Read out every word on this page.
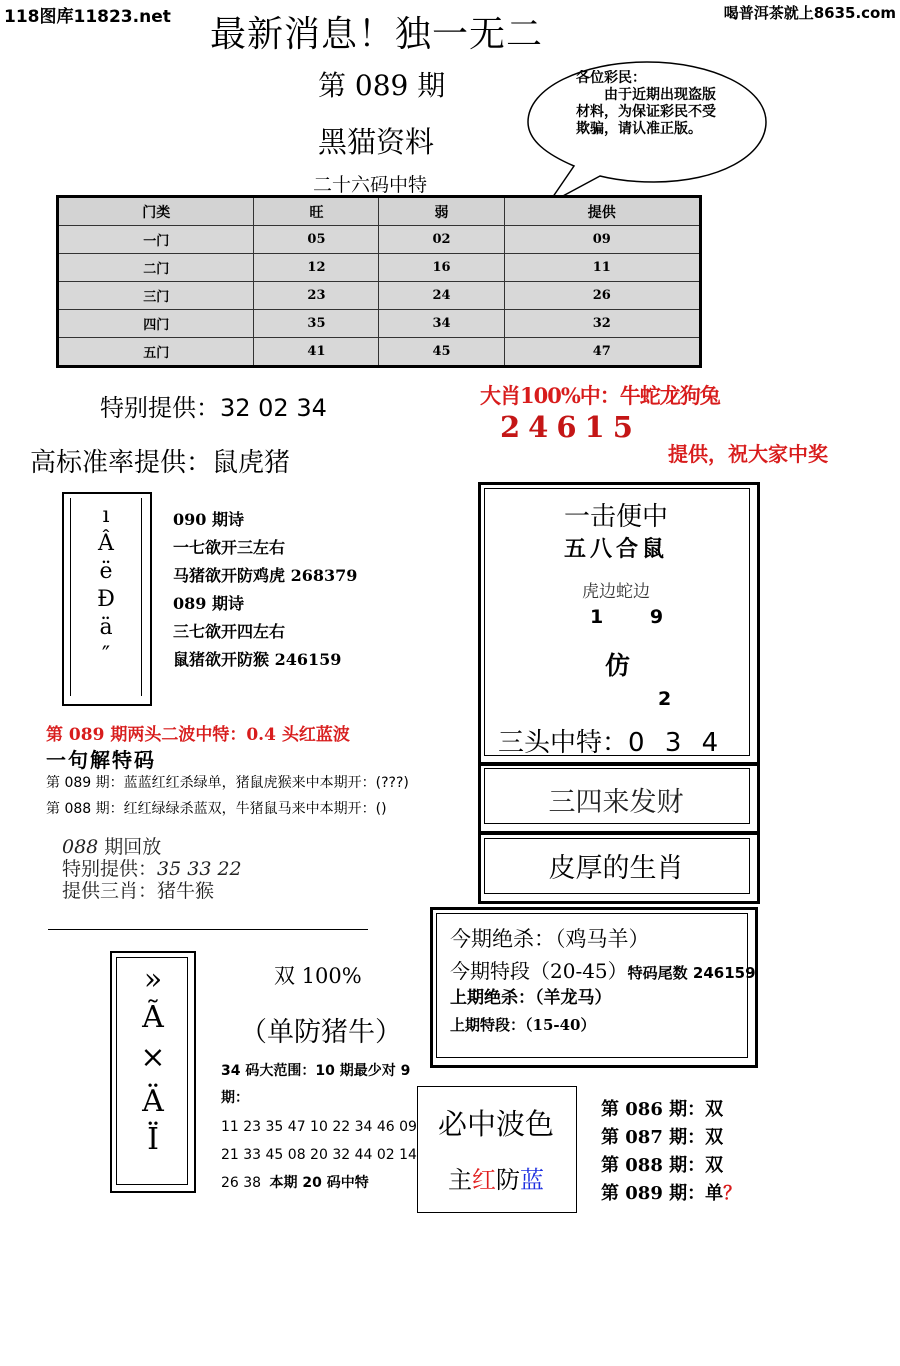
118图库11823.net	喝普洱茶就上8635.com
最新消息！独一无二
第 089 期
黑猫资料
二十六码中特

各位彩民：

由于近期出现盗版材料，为保证彩民不受欺骗，请认准正版。

门类	旺	弱	提供
一门	05	02	09
二门	12	16	11
三门	23	24	26
四门	35	34	32
五门	41	45	47
特别提供：32 02 34	大肖100%中：牛蛇龙狗兔
24615
提供，祝大家中奖
高标准率提供：鼠虎猪
ı
Â
ë
Ð
ä
″
090 期诗
一七欲开三左右
马猪欲开防鸡虎 268379
089 期诗
三七欲开四左右
鼠猪欲开防猴 246159
第 089 期两头二波中特：0.4 头红蓝波
一句解特码
第 089 期：蓝蓝红红杀绿单，猪鼠虎猴来中本期开：(???)
第 088 期：红红绿绿杀蓝双，牛猪鼠马来中本期开：()
088 期回放
特别提供：35 33 22
提供三肖：猪牛猴
一击便中
五八合鼠
虎边蛇边
1 9
仿
2
三头中特：0 3 4
三四来发财
皮厚的生肖
今期绝杀：（鸡马羊）
今期特段（20-45）特码尾数 246159
上期绝杀：（羊龙马）
上期特段：（15-40）
»
Ã
×
Ä
Ï
双 100%
（单防猪牛）
34 码大范围：10 期最少对 9 期：
11 23 35 47 10 22 34 46 09 21 33 45 08 20 32 44 02 14 26 38 本期 20 码中特
必中波色
主红防蓝
第 086 期：双
第 087 期：双
第 088 期：双
第 089 期：单？
